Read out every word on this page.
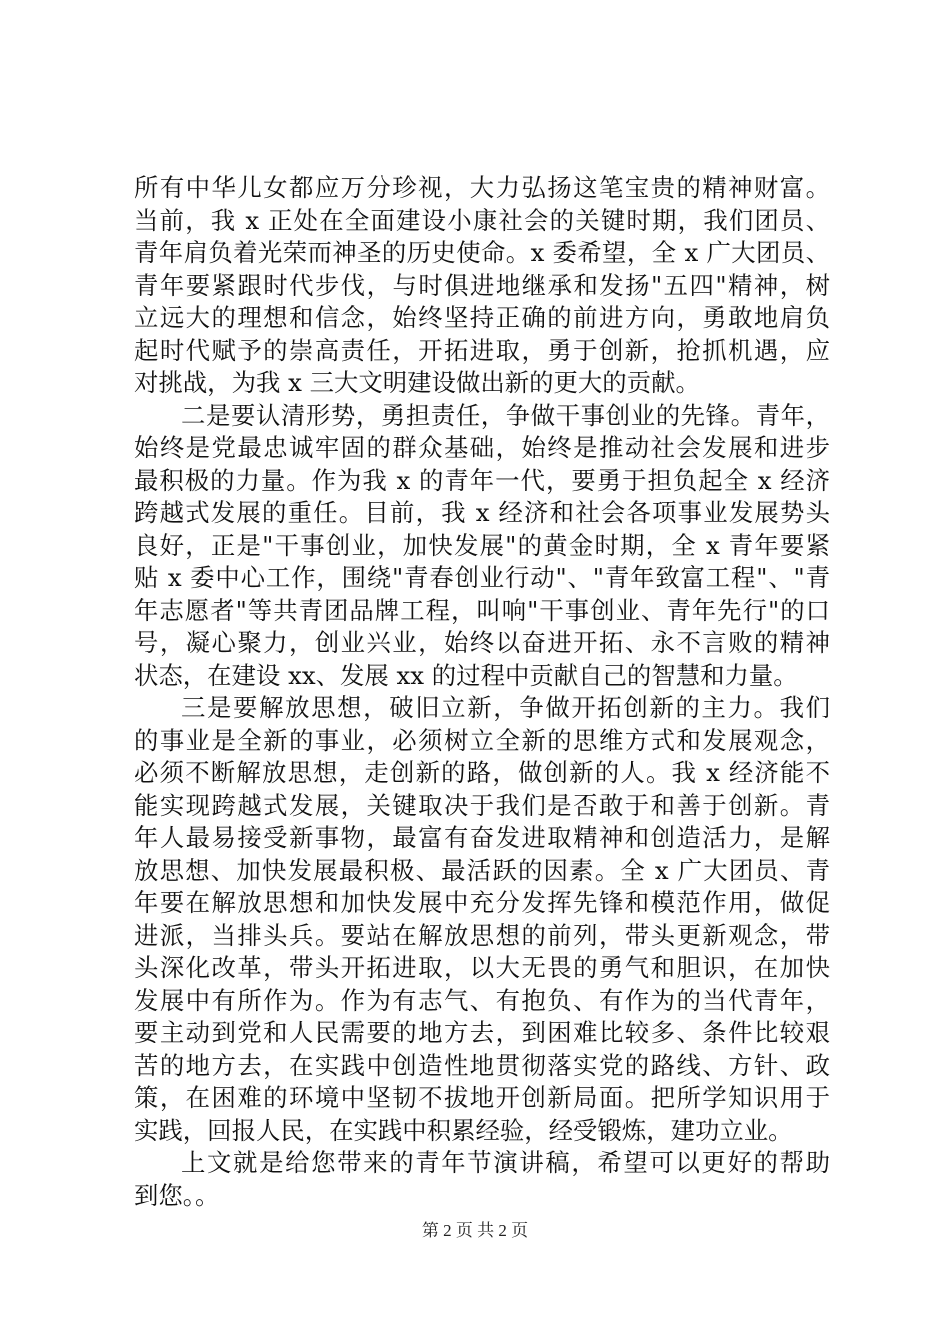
所有中华儿女都应万分珍视，大力弘扬这笔宝贵的精神财富。
当前，我 x 正处在全面建设小康社会的关键时期，我们团员、
青年肩负着光荣而神圣的历史使命。x 委希望，全 x 广大团员、
青年要紧跟时代步伐，与时俱进地继承和发扬"五四"精神，树
立远大的理想和信念，始终坚持正确的前进方向，勇敢地肩负
起时代赋予的崇高责任，开拓进取，勇于创新，抢抓机遇，应
对挑战，为我 x 三大文明建设做出新的更大的贡献。
二是要认清形势，勇担责任，争做干事创业的先锋。青年，
始终是党最忠诚牢固的群众基础，始终是推动社会发展和进步
最积极的力量。作为我 x 的青年一代，要勇于担负起全 x 经济
跨越式发展的重任。目前，我 x 经济和社会各项事业发展势头
良好，正是"干事创业，加快发展"的黄金时期，全 x 青年要紧
贴 x 委中心工作，围绕"青春创业行动"、"青年致富工程"、"青
年志愿者"等共青团品牌工程，叫响"干事创业、青年先行"的口
号，凝心聚力，创业兴业，始终以奋进开拓、永不言败的精神
状态，在建设 xx、发展 xx 的过程中贡献自己的智慧和力量。
三是要解放思想，破旧立新，争做开拓创新的主力。我们
的事业是全新的事业，必须树立全新的思维方式和发展观念，
必须不断解放思想，走创新的路，做创新的人。我 x 经济能不
能实现跨越式发展，关键取决于我们是否敢于和善于创新。青
年人最易接受新事物，最富有奋发进取精神和创造活力，是解
放思想、加快发展最积极、最活跃的因素。全 x 广大团员、青
年要在解放思想和加快发展中充分发挥先锋和模范作用，做促
进派，当排头兵。要站在解放思想的前列，带头更新观念，带
头深化改革，带头开拓进取，以大无畏的勇气和胆识，在加快
发展中有所作为。作为有志气、有抱负、有作为的当代青年，
要主动到党和人民需要的地方去，到困难比较多、条件比较艰
苦的地方去，在实践中创造性地贯彻落实党的路线、方针、政
策，在困难的环境中坚韧不拔地开创新局面。把所学知识用于
实践，回报人民，在实践中积累经验，经受锻炼，建功立业。
上文就是给您带来的青年节演讲稿，希望可以更好的帮助
到您。。
第 2 页 共 2 页
